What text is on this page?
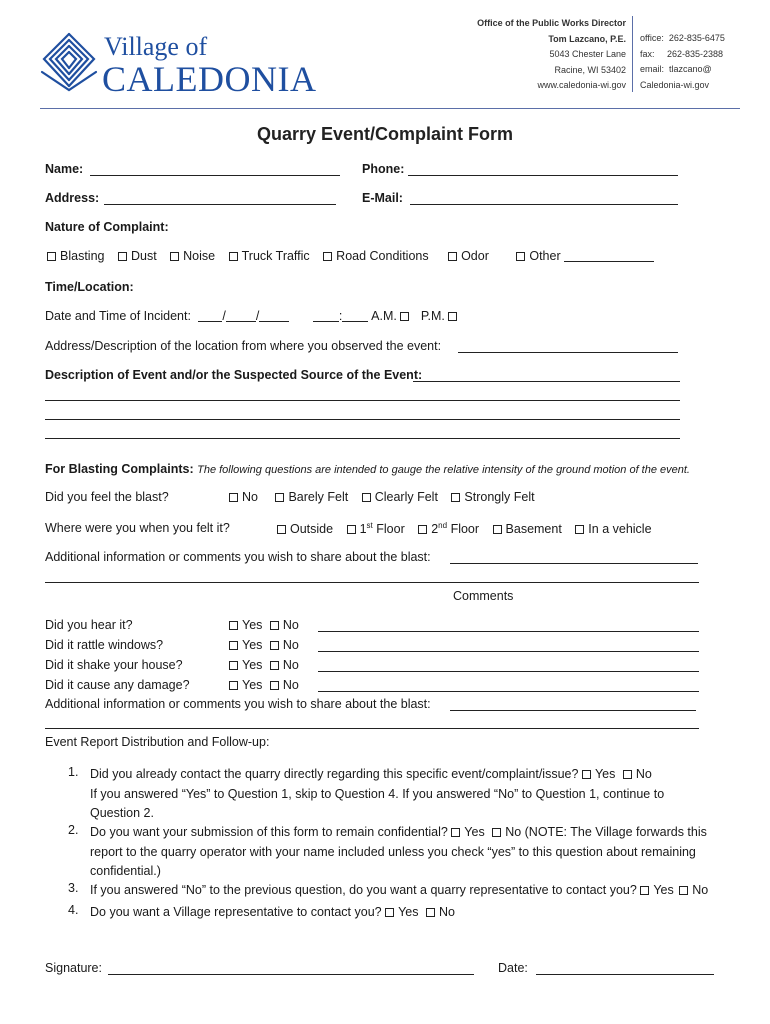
Village of
CALEDONIA
Office of the Public Works Director
Tom Lazcano, P.E.
5043 Chester Lane
Racine, WI 53402
www.caledonia-wi.gov
office:  262-835-6475
fax:     262-835-2388
email:  tlazcano@
Caledonia-wi.gov
Quarry Event/Complaint Form
Name:	Phone:
Address:	E-Mail:
Nature of Complaint:
Blasting Dust Noise Truck Traffic Road Conditions	Odor	Other
Time/Location:
Date and Time of Incident:	/ /	: A.M. P.M.
Address/Description of the location from where you observed the event:
Description of Event and/or the Suspected Source of the Event:
For Blasting Complaints: The following questions are intended to gauge the relative intensity of the ground motion of the event.
Did you feel the blast?	No Barely Felt Clearly Felt Strongly Felt
Where were you when you felt it?	Outside 1st Floor 2nd Floor Basement In a vehicle
Additional information or comments you wish to share about the blast:
Comments
Did you hear it?	Yes No
Did it rattle windows?	Yes No
Did it shake your house?	Yes No
Did it cause any damage?	Yes No
Additional information or comments you wish to share about the blast:
Event Report Distribution and Follow-up:
1. Did you already contact the quarry directly regarding this specific event/complaint/issue? Yes No
If you answered “Yes” to Question 1, skip to Question 4. If you answered “No” to Question 1, continue to
Question 2.
2. Do you want your submission of this form to remain confidential? Yes No (NOTE: The Village forwards this
report to the quarry operator with your name included unless you check “yes” to this question about remaining
confidential.)
3. If you answered “No” to the previous question, do you want a quarry representative to contact you? Yes No
4. Do you want a Village representative to contact you? Yes No
Signature:	Date:
